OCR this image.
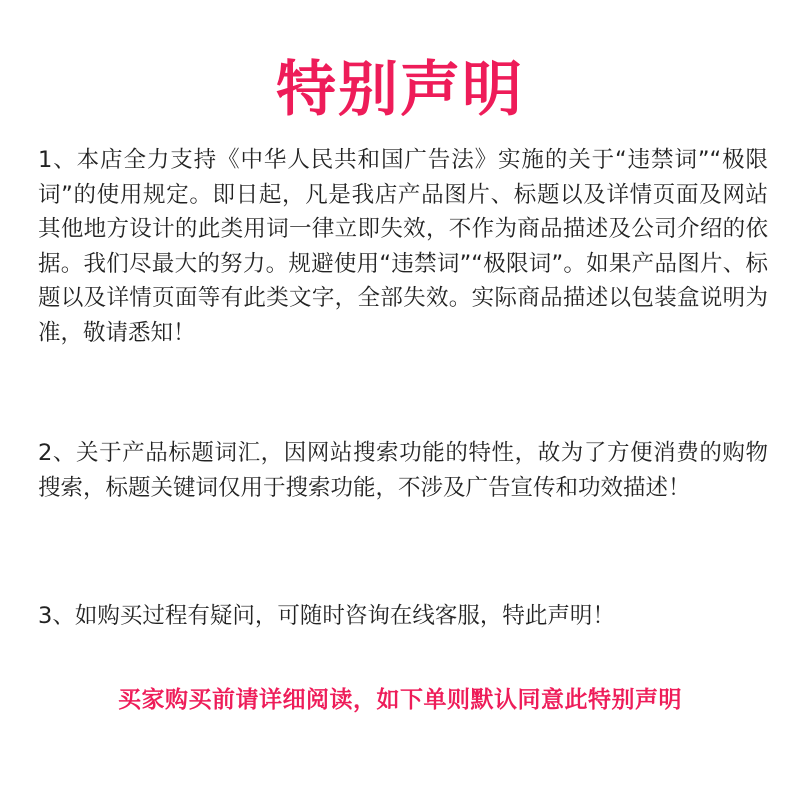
特别声明
1、本店全力支持《中华人民共和国广告法》实施的关于“违禁词”“极限词”的使用规定。即日起，凡是我店产品图片、标题以及详情页面及网站其他地方设计的此类用词一律立即失效，不作为商品描述及公司介绍的依据。我们尽最大的努力。规避使用“违禁词”“极限词”。如果产品图片、标题以及详情页面等有此类文字，全部失效。实际商品描述以包装盒说明为准，敬请悉知！
2、关于产品标题词汇，因网站搜索功能的特性，故为了方便消费的购物搜索，标题关键词仅用于搜索功能，不涉及广告宣传和功效描述！
3、如购买过程有疑问，可随时咨询在线客服，特此声明！
买家购买前请详细阅读，如下单则默认同意此特别声明
